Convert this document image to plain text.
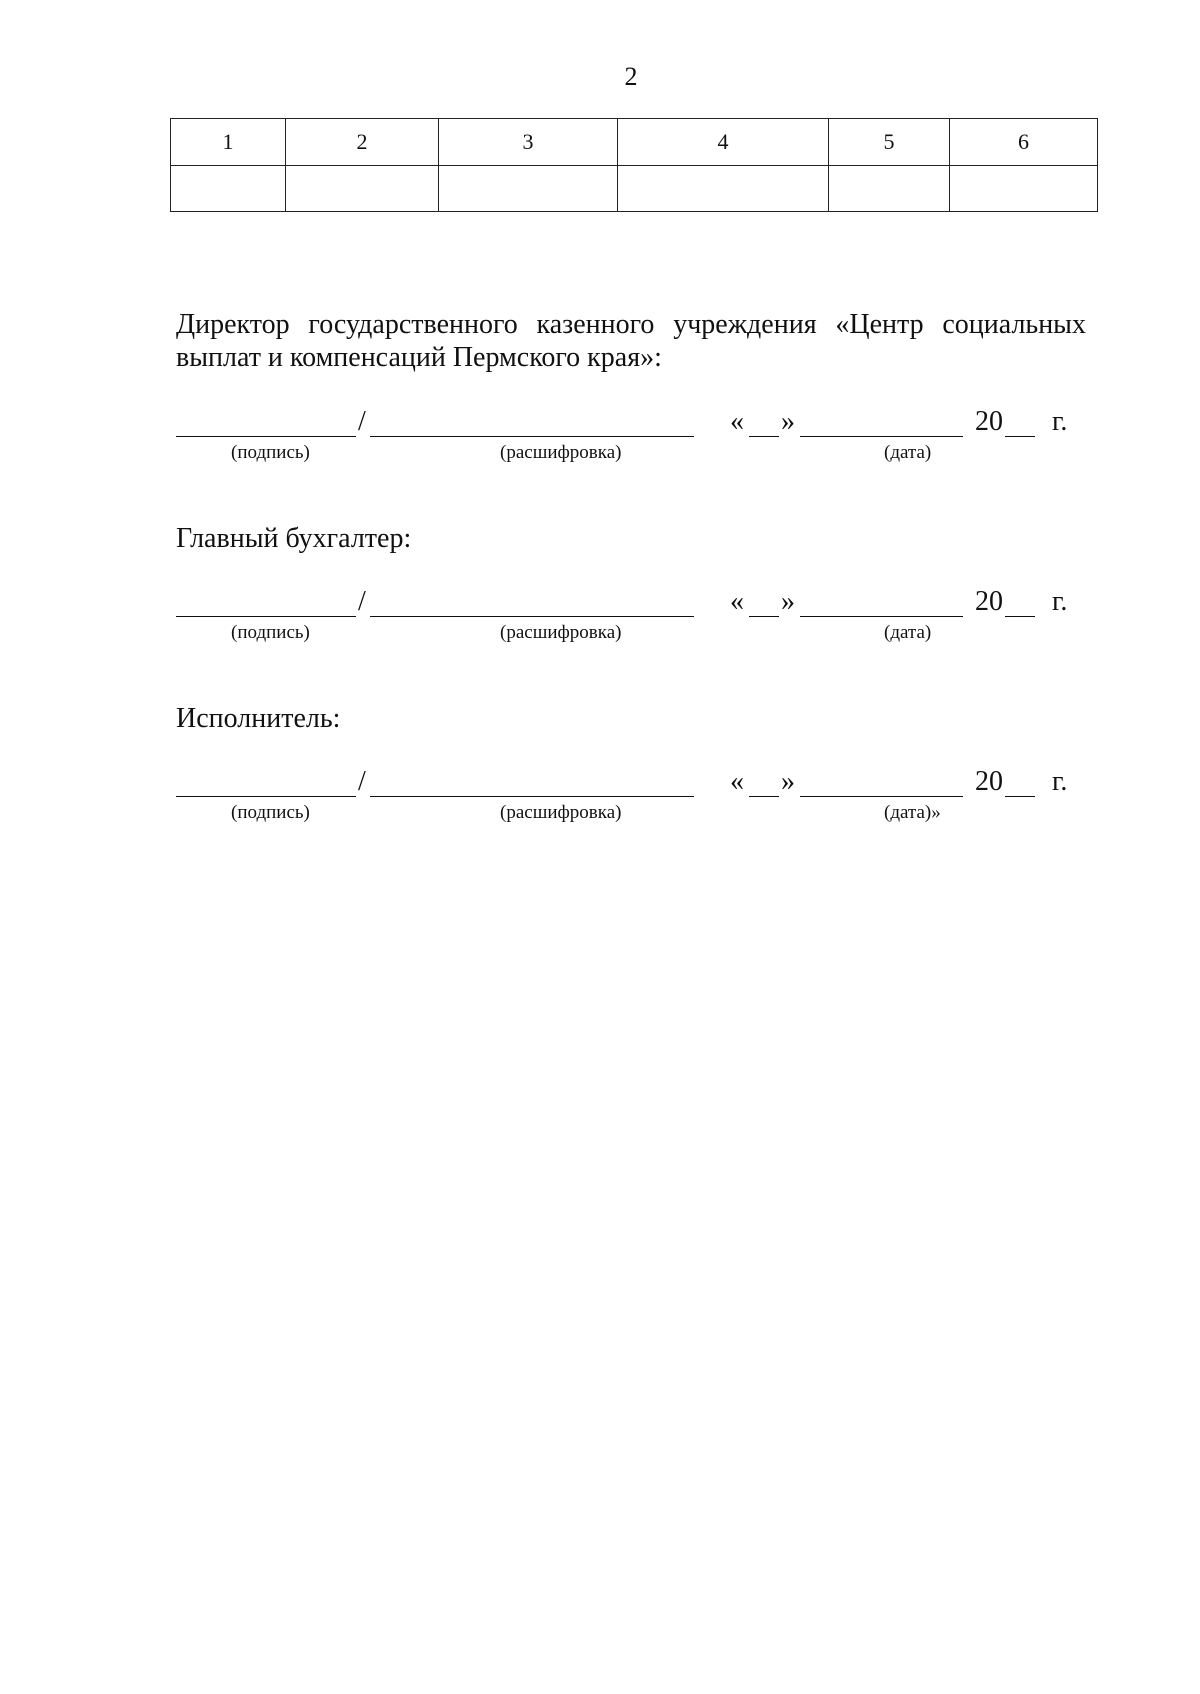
2
1	2	3	4	5	6

Директор государственного казенного учреждения «Центр социальных выплат и компенсаций Пермского края»:

/	« »	20 г.
(подпись)	(расшифровка)	(дата)

Главный бухгалтер:

/	« »	20 г.
(подпись)	(расшифровка)	(дата)

Исполнитель:

/	« »	20 г.
(подпись)	(расшифровка)	(дата)»
